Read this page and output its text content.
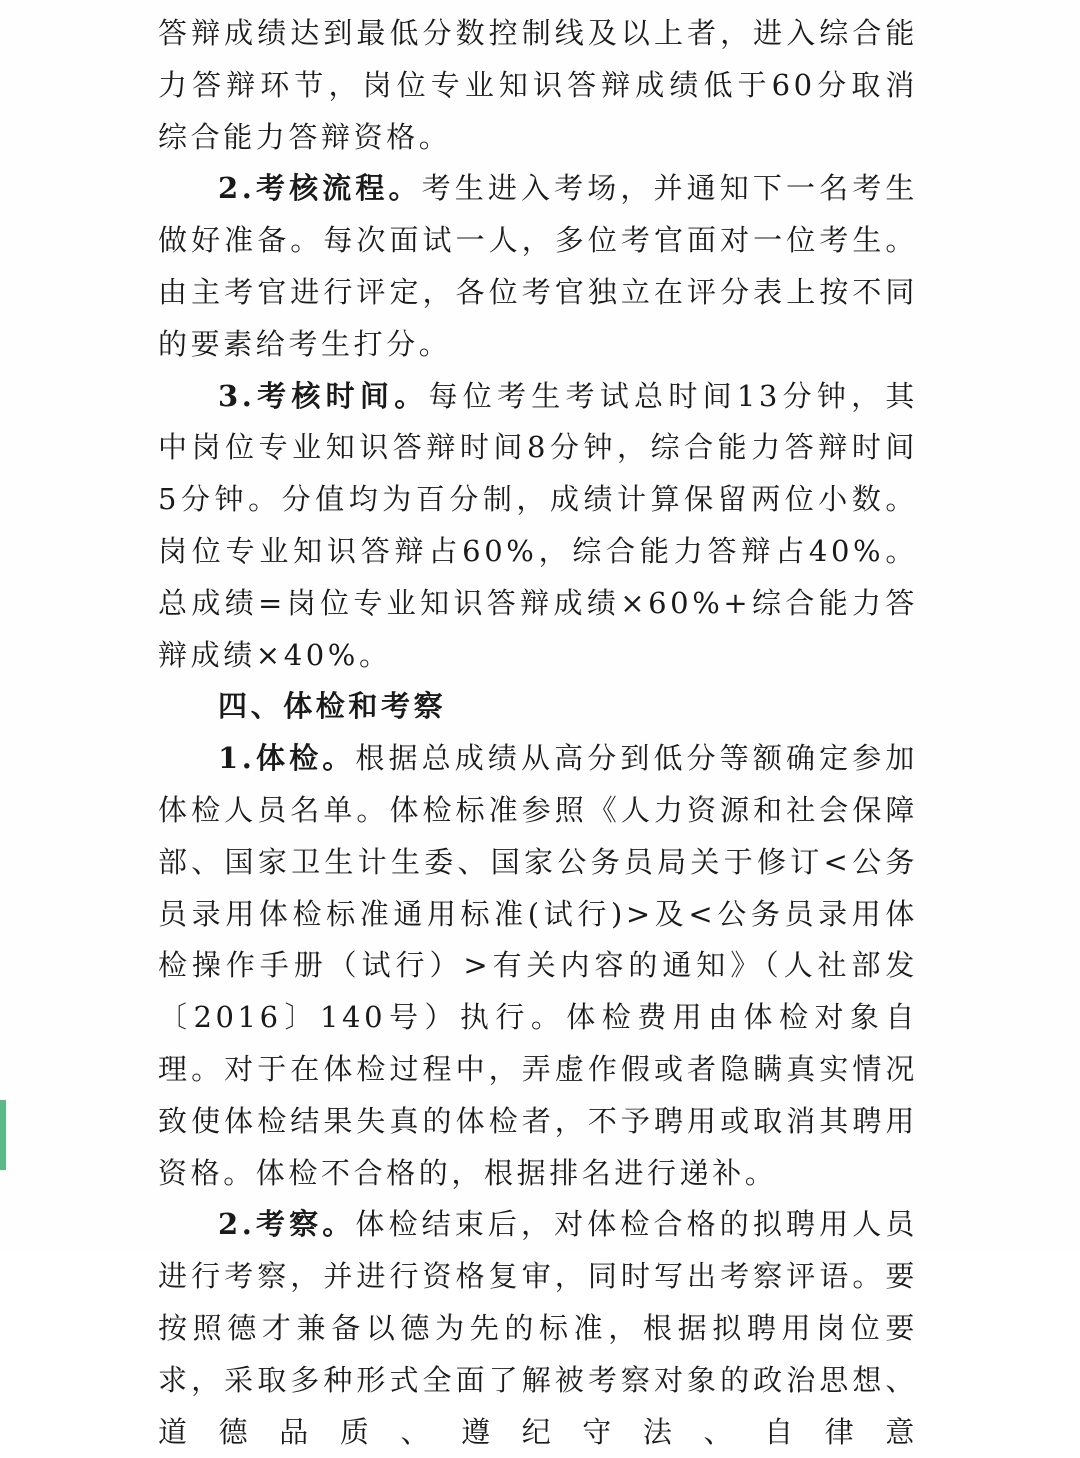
答辩成绩达到最低分数控制线及以上者，进入综合能力答辩环节，岗位专业知识答辩成绩低于60分取消综合能力答辩资格。

2.考核流程。考生进入考场，并通知下一名考生做好准备。每次面试一人，多位考官面对一位考生。由主考官进行评定，各位考官独立在评分表上按不同的要素给考生打分。

3.考核时间。每位考生考试总时间13分钟，其中岗位专业知识答辩时间8分钟，综合能力答辩时间5分钟。分值均为百分制，成绩计算保留两位小数。岗位专业知识答辩占60%，综合能力答辩占40%。总成绩=岗位专业知识答辩成绩×60%+综合能力答辩成绩×40%。

四、体检和考察

1.体检。根据总成绩从高分到低分等额确定参加体检人员名单。体检标准参照《人力资源和社会保障部、国家卫生计生委、国家公务员局关于修订<公务员录用体检标准通用标准(试行)>及<公务员录用体检操作手册（试行）>有关内容的通知》（人社部发〔2016〕140号）执行。体检费用由体检对象自理。对于在体检过程中，弄虚作假或者隐瞒真实情况致使体检结果失真的体检者，不予聘用或取消其聘用资格。体检不合格的，根据排名进行递补。

2.考察。体检结束后，对体检合格的拟聘用人员进行考察，并进行资格复审，同时写出考察评语。要按照德才兼备以德为先的标准，根据拟聘用岗位要求，采取多种形式全面了解被考察对象的政治思想、道德品质、遵纪守法、自律意
